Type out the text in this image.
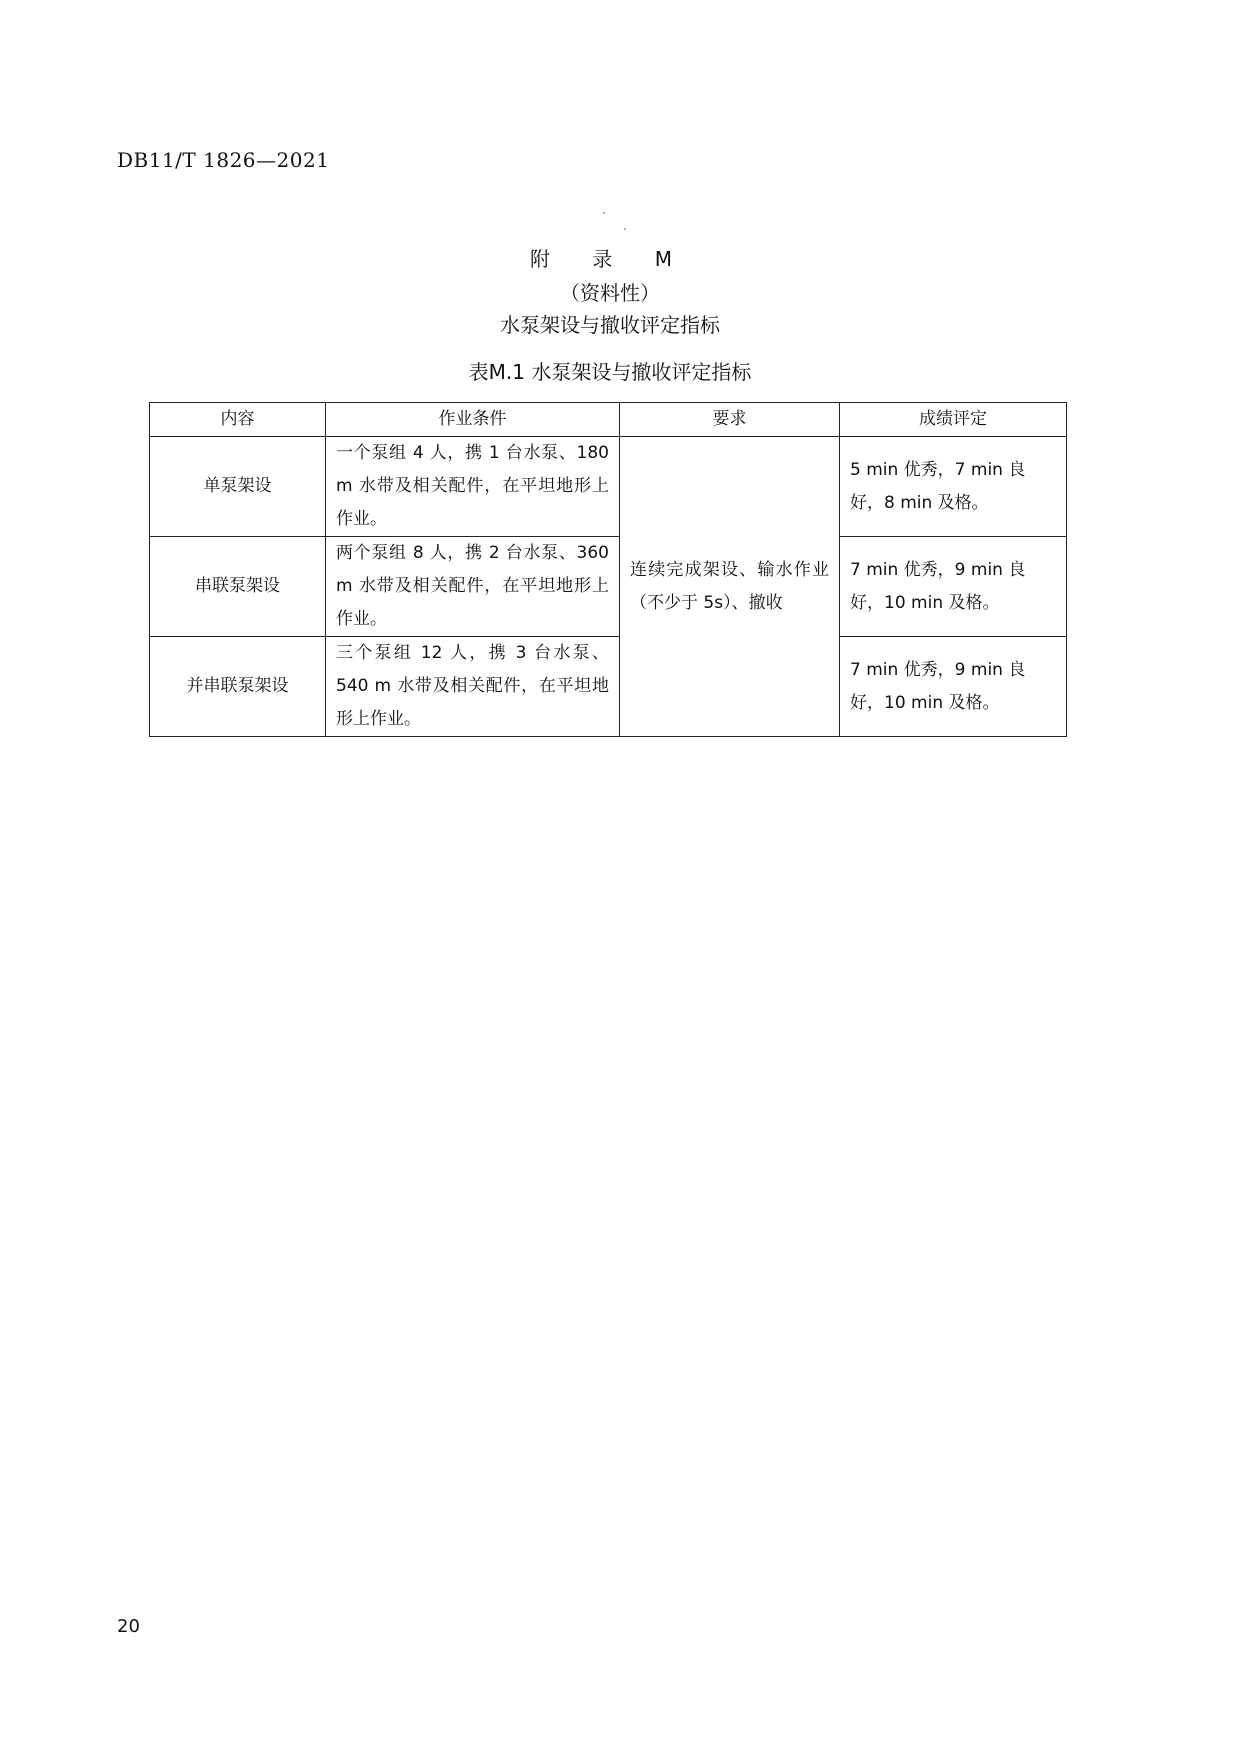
DB11/T 1826—2021
附 录 M
（资料性）
水泵架设与撤收评定指标
表M.1 水泵架设与撤收评定指标
内容	作业条件	要求	成绩评定
单泵架设	一个泵组 4 人，携 1 台水泵、180 m 水带及相关配件，在平坦地形上作业。	连续完成架设、输水作业（不少于 5s）、撤收	5 min 优秀，7 min 良好，8 min 及格。
串联泵架设	两个泵组 8 人，携 2 台水泵、360 m 水带及相关配件，在平坦地形上作业。		7 min 优秀，9 min 良好，10 min 及格。
并串联泵架设	三个泵组 12 人，携 3 台水泵、540 m 水带及相关配件，在平坦地形上作业。		7 min 优秀，9 min 良好，10 min 及格。
20
